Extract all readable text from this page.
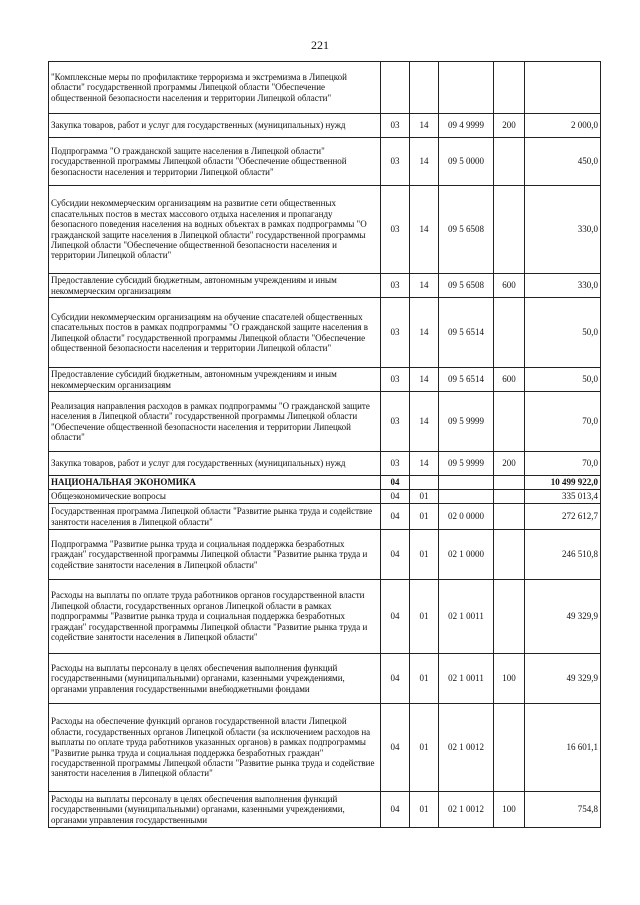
221
"Комплексные меры по профилактике терроризма и экстремизма в Липецкой области" государственной программы Липецкой области "Обеспечение общественной безопасности населения и территории Липецкой области"					
Закупка товаров, работ и услуг для государственных (муниципальных) нужд	03	14	09 4 9999	200	2 000,0
Подпрограмма "О гражданской защите населения в Липецкой области" государственной программы Липецкой области "Обеспечение общественной безопасности населения и территории Липецкой области"	03	14	09 5 0000		450,0
Субсидии некоммерческим организациям на развитие сети общественных спасательных постов в местах массового отдыха населения и пропаганду безопасного поведения населения на водных объектах в рамках подпрограммы "О гражданской защите населения в Липецкой области" государственной программы Липецкой области "Обеспечение общественной безопасности населения и территории Липецкой области"	03	14	09 5 6508		330,0
Предоставление субсидий бюджетным, автономным учреждениям и иным некоммерческим организациям	03	14	09 5 6508	600	330,0
Субсидии некоммерческим организациям на обучение спасателей общественных спасательных постов в рамках подпрограммы "О гражданской защите населения в Липецкой области" государственной программы Липецкой области "Обеспечение общественной безопасности населения и территории Липецкой области"	03	14	09 5 6514		50,0
Предоставление субсидий бюджетным, автономным учреждениям и иным некоммерческим организациям	03	14	09 5 6514	600	50,0
Реализация направления расходов в рамках подпрограммы "О гражданской защите населения в Липецкой области" государственной программы Липецкой области "Обеспечение общественной безопасности населения и территории Липецкой области"	03	14	09 5 9999		70,0
Закупка товаров, работ и услуг для государственных (муниципальных) нужд	03	14	09 5 9999	200	70,0
НАЦИОНАЛЬНАЯ ЭКОНОМИКА	04				10 499 922,0
Общеэкономические вопросы	04	01			335 013,4
Государственная программа Липецкой области "Развитие рынка труда и содействие занятости населения в Липецкой области"	04	01	02 0 0000		272 612,7
Подпрограмма "Развитие рынка труда и социальная поддержка безработных граждан" государственной программы Липецкой области "Развитие рынка труда и содействие занятости населения в Липецкой области"	04	01	02 1 0000		246 510,8
Расходы на выплаты по оплате труда работников органов государственной власти Липецкой области, государственных органов Липецкой области в рамках подпрограммы "Развитие рынка труда и социальная поддержка безработных граждан" государственной программы Липецкой области "Развитие рынка труда и содействие занятости населения в Липецкой области"	04	01	02 1 0011		49 329,9
Расходы на выплаты персоналу в целях обеспечения выполнения функций государственными (муниципальными) органами, казенными учреждениями, органами управления государственными внебюджетными фондами	04	01	02 1 0011	100	49 329,9
Расходы на обеспечение функций органов государственной власти Липецкой области, государственных органов Липецкой области (за исключением расходов на выплаты по оплате труда работников указанных органов) в рамках подпрограммы "Развитие рынка труда и социальная поддержка безработных граждан" государственной программы Липецкой области "Развитие рынка труда и содействие занятости населения в Липецкой области"	04	01	02 1 0012		16 601,1
Расходы на выплаты персоналу в целях обеспечения выполнения функций государственными (муниципальными) органами, казенными учреждениями, органами управления государственными	04	01	02 1 0012	100	754,8
